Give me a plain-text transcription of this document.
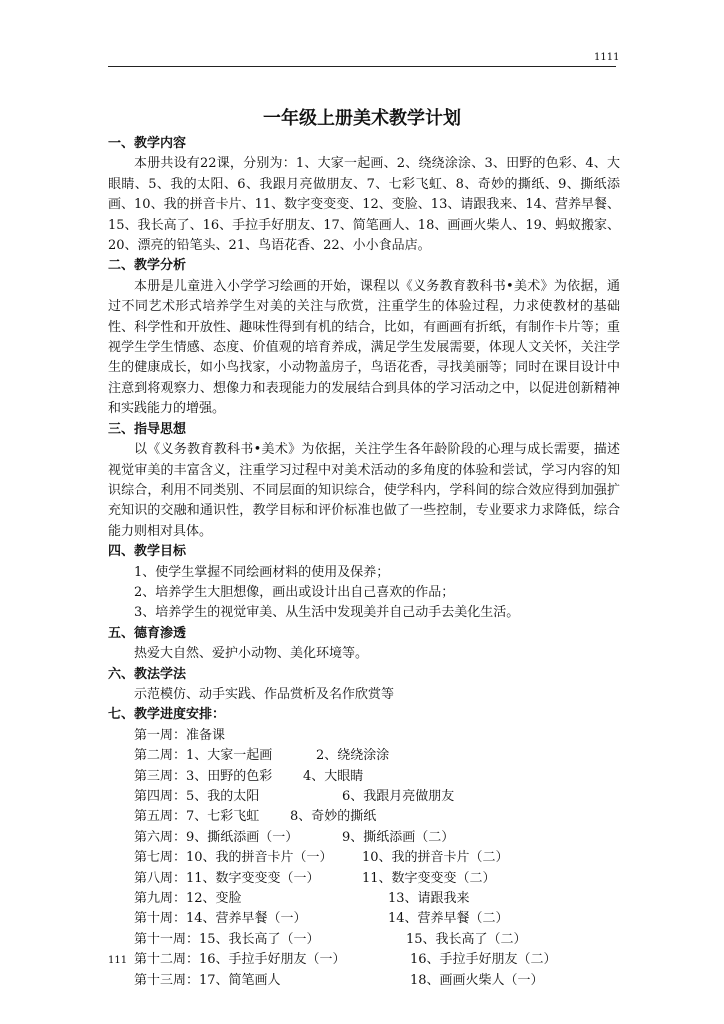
1111
一年级上册美术教学计划
一、教学内容
本册共设有22课，分别为：1、大家一起画、2、绕绕涂涂、3、田野的色彩、4、大眼睛、5、我的太阳、6、我跟月亮做朋友、7、七彩飞虹、8、奇妙的撕纸、9、撕纸添画、10、我的拼音卡片、11、数字变变变、12、变脸、13、请跟我来、14、营养早餐、15、我长高了、16、手拉手好朋友、17、简笔画人、18、画画火柴人、19、蚂蚁搬家、20、漂亮的铅笔头、21、鸟语花香、22、小小食品店。
二、教学分析
本册是儿童进入小学学习绘画的开始，课程以《义务教育教科书•美术》为依据，通过不同艺术形式培养学生对美的关注与欣赏，注重学生的体验过程，力求使教材的基础性、科学性和开放性、趣味性得到有机的结合，比如，有画画有折纸，有制作卡片等；重视学生学生情感、态度、价值观的培育养成，满足学生发展需要，体现人文关怀，关注学生的健康成长，如小鸟找家，小动物盖房子，鸟语花香，寻找美丽等；同时在课目设计中注意到将观察力、想像力和表现能力的发展结合到具体的学习活动之中，以促进创新精神和实践能力的增强。
三、指导思想
以《义务教育教科书•美术》为依据，关注学生各年龄阶段的心理与成长需要，描述视觉审美的丰富含义，注重学习过程中对美术活动的多角度的体验和尝试，学习内容的知识综合，利用不同类别、不同层面的知识综合，使学科内，学科间的综合效应得到加强扩充知识的交融和通识性，教学目标和评价标准也做了一些控制，专业要求力求降低，综合能力则相对具体。
四、教学目标
1、使学生掌握不同绘画材料的使用及保养；
2、培养学生大胆想像，画出或设计出自己喜欢的作品；
3、培养学生的视觉审美、从生活中发现美并自己动手去美化生活。
五、德育渗透
热爱大自然、爱护小动物、美化环境等。
六、教法学法
示范模仿、动手实践、作品赏析及名作欣赏等
七、教学进度安排：
第一周：准备课
第二周：1、大家一起画	2、绕绕涂涂
第三周：3、田野的色彩 4、大眼睛
第四周：5、我的太阳	6、我跟月亮做朋友
第五周：7、七彩飞虹 8、奇妙的撕纸
第六周：9、撕纸添画（一）	9、撕纸添画（二）
第七周：10、我的拼音卡片（一） 10、我的拼音卡片（二）
第八周：11、数字变变变（一）	11、数字变变变（二）
第九周：12、变脸	13、请跟我来
第十周：14、营养早餐（一）	14、营养早餐（二）
第十一周：15、我长高了（一）	15、我长高了（二）
第十二周：16、手拉手好朋友（一）	16、手拉手好朋友（二）
第十三周：17、简笔画人	18、画画火柴人（一）
111
